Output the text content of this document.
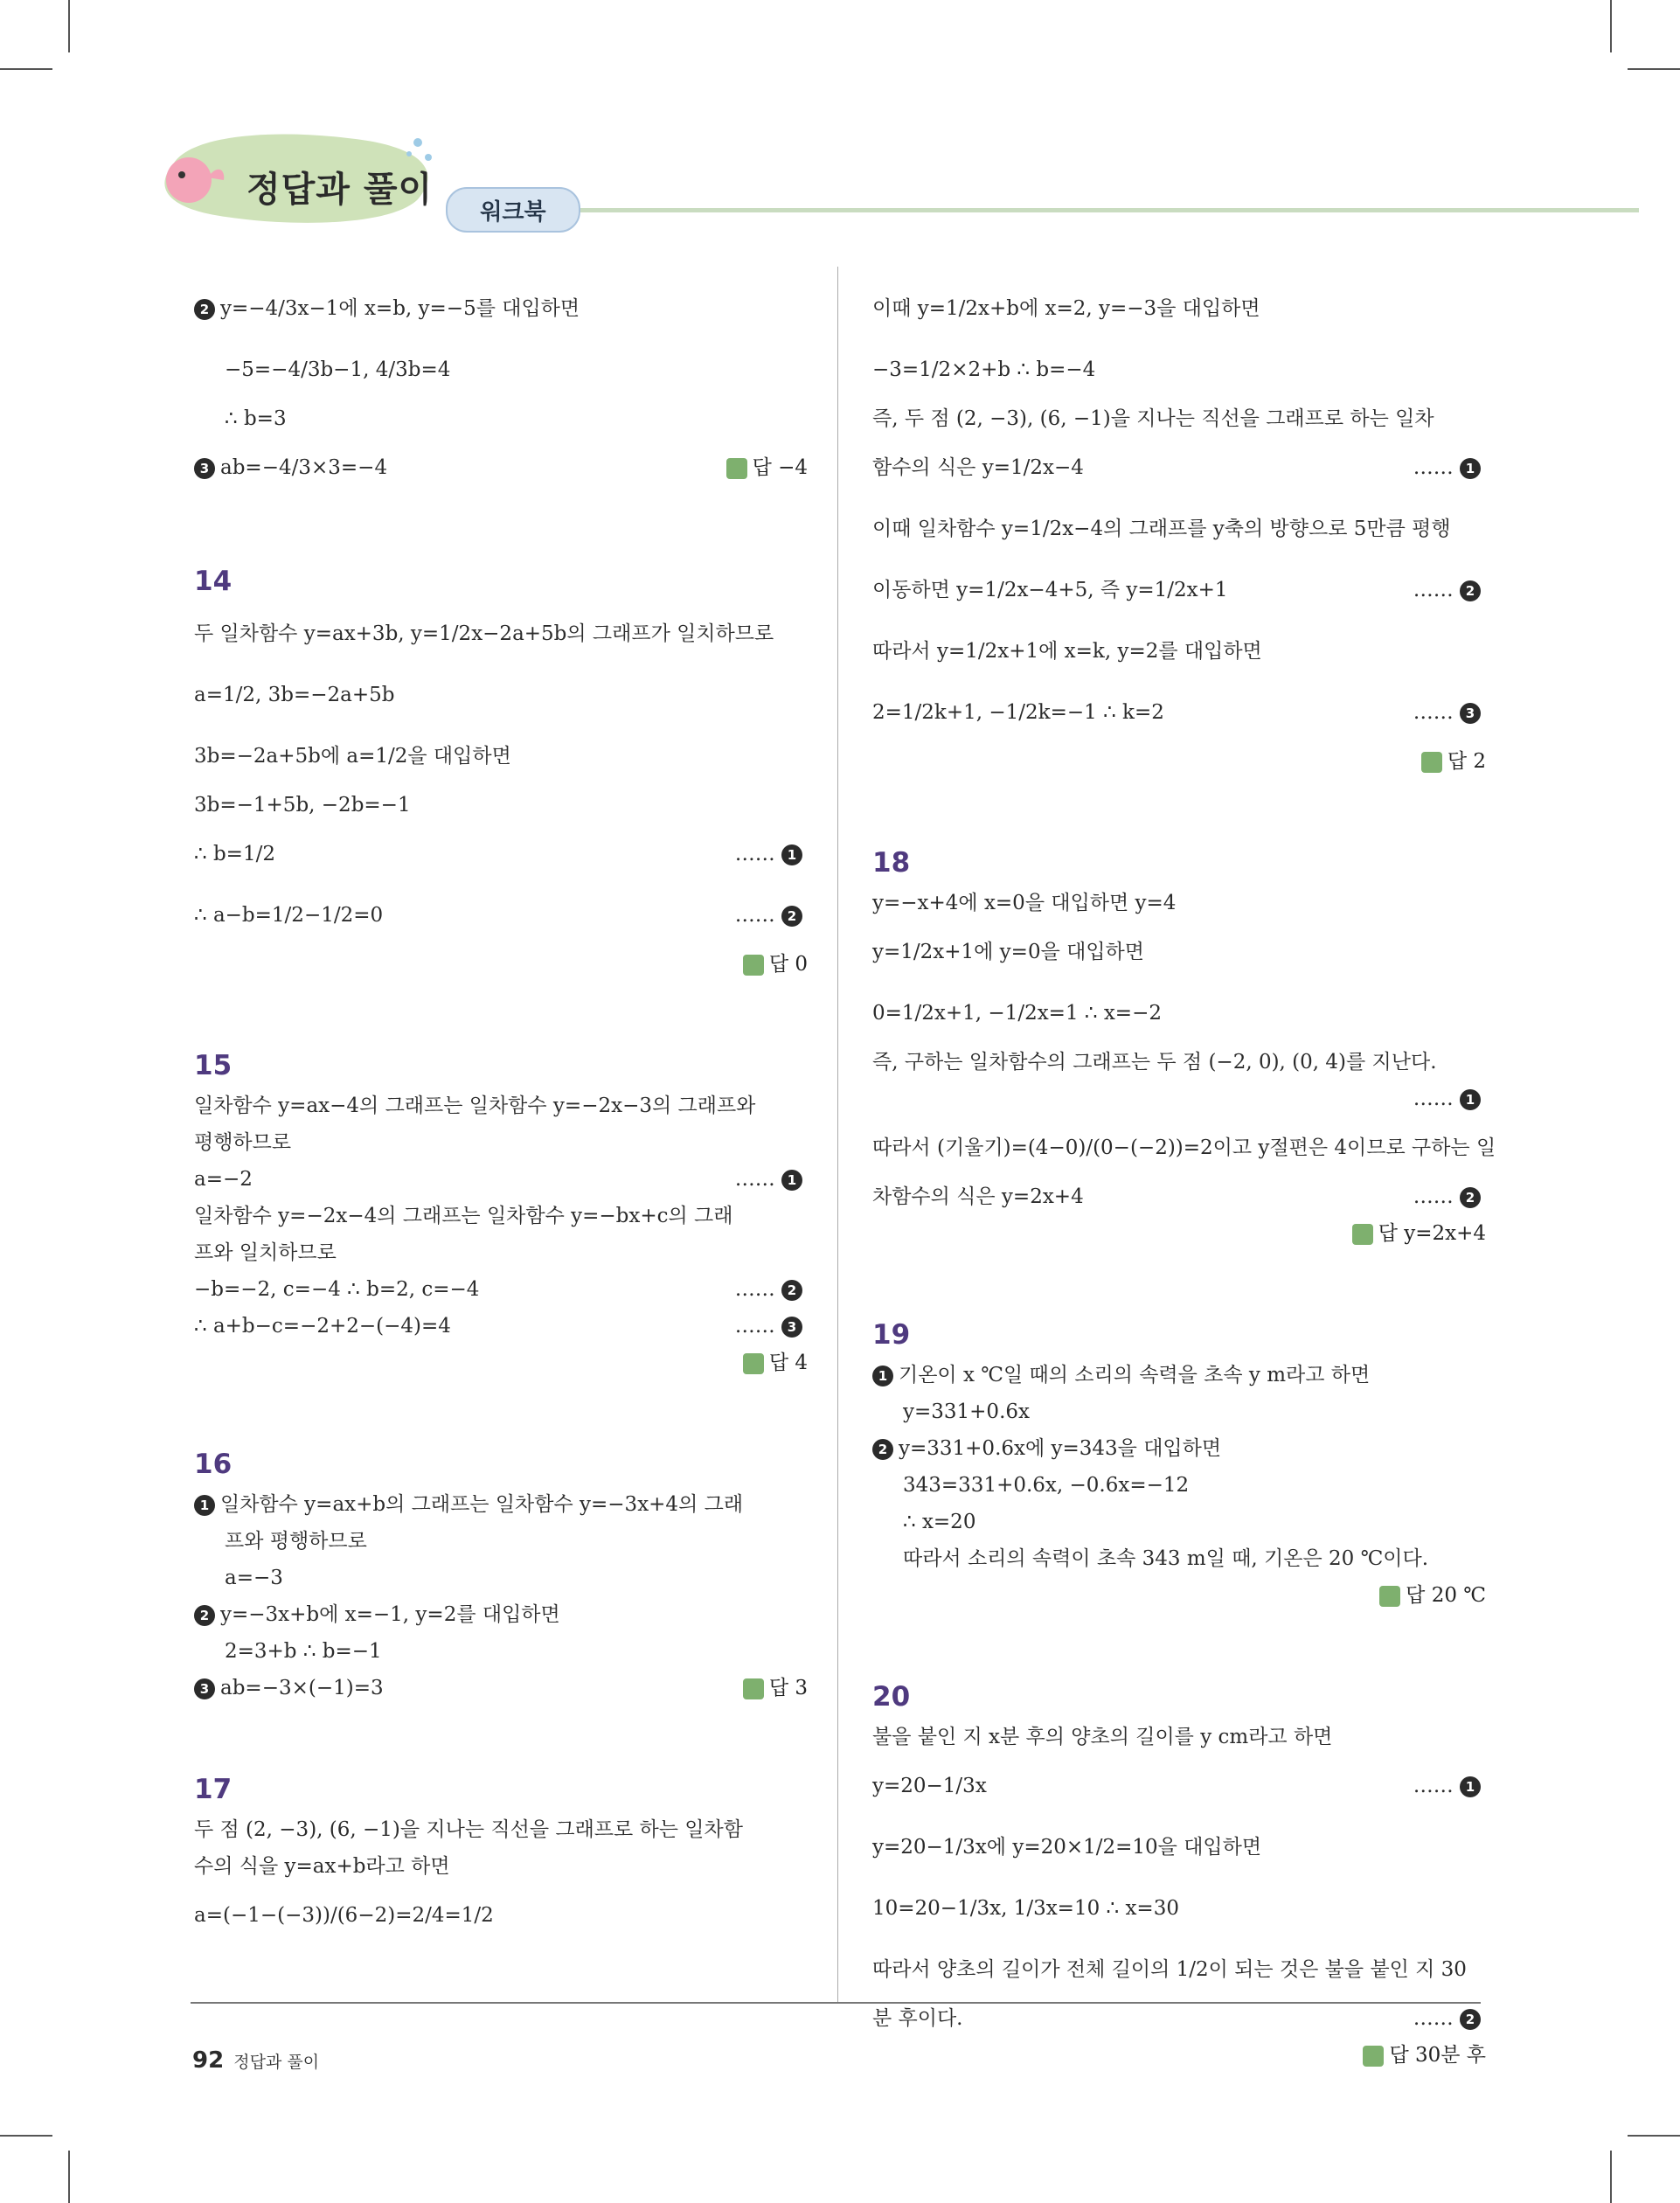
정답과 풀이
워크북
2 y=−4/3x−1에 x=b, y=−5를 대입하면
−5=−4/3b−1, 4/3b=4
∴ b=3
3 ab=−4/3×3=−4	답 −4
14
두 일차함수 y=ax+3b, y=1/2x−2a+5b의 그래프가 일치하므로
a=1/2, 3b=−2a+5b
3b=−2a+5b에 a=1/2을 대입하면
3b=−1+5b, −2b=−1
∴ b=1/2	…… 1
∴ a−b=1/2−1/2=0	…… 2
답 0
15
일차함수 y=ax−4의 그래프는 일차함수 y=−2x−3의 그래프와
평행하므로
a=−2	…… 1
일차함수 y=−2x−4의 그래프는 일차함수 y=−bx+c의 그래
프와 일치하므로
−b=−2, c=−4 ∴ b=2, c=−4	…… 2
∴ a+b−c=−2+2−(−4)=4	…… 3
답 4
16
1 일차함수 y=ax+b의 그래프는 일차함수 y=−3x+4의 그래
프와 평행하므로
a=−3
2 y=−3x+b에 x=−1, y=2를 대입하면
2=3+b ∴ b=−1
3 ab=−3×(−1)=3	답 3
17
두 점 (2, −3), (6, −1)을 지나는 직선을 그래프로 하는 일차함
수의 식을 y=ax+b라고 하면
a=(−1−(−3))/(6−2)=2/4=1/2
이때 y=1/2x+b에 x=2, y=−3을 대입하면
−3=1/2×2+b ∴ b=−4
즉, 두 점 (2, −3), (6, −1)을 지나는 직선을 그래프로 하는 일차
함수의 식은 y=1/2x−4	…… 1
이때 일차함수 y=1/2x−4의 그래프를 y축의 방향으로 5만큼 평행
이동하면 y=1/2x−4+5, 즉 y=1/2x+1	…… 2
따라서 y=1/2x+1에 x=k, y=2를 대입하면
2=1/2k+1, −1/2k=−1 ∴ k=2	…… 3
답 2
18
y=−x+4에 x=0을 대입하면 y=4
y=1/2x+1에 y=0을 대입하면
0=1/2x+1, −1/2x=1 ∴ x=−2
즉, 구하는 일차함수의 그래프는 두 점 (−2, 0), (0, 4)를 지난다.
…… 1
따라서 (기울기)=(4−0)/(0−(−2))=2이고 y절편은 4이므로 구하는 일
차함수의 식은 y=2x+4	…… 2
답 y=2x+4
19
1 기온이 x ℃일 때의 소리의 속력을 초속 y m라고 하면
y=331+0.6x
2 y=331+0.6x에 y=343을 대입하면
343=331+0.6x, −0.6x=−12
∴ x=20
따라서 소리의 속력이 초속 343 m일 때, 기온은 20 ℃이다.
답 20 ℃
20
불을 붙인 지 x분 후의 양초의 길이를 y cm라고 하면
y=20−1/3x	…… 1
y=20−1/3x에 y=20×1/2=10을 대입하면
10=20−1/3x, 1/3x=10 ∴ x=30
따라서 양초의 길이가 전체 길이의 1/2이 되는 것은 불을 붙인 지 30
분 후이다.	…… 2
답 30분 후
92 정답과 풀이
